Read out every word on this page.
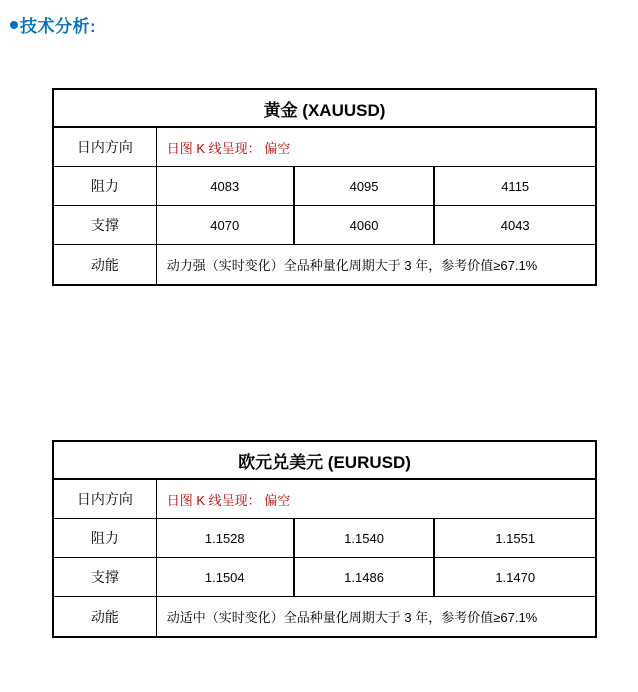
技术分析:
黄金 (XAUUSD)
日内方向	日图 K 线呈现： 偏空
阻力	4083	4095	4115
支撑	4070	4060	4043
动能	动力强（实时变化）全品种量化周期大于 3 年，参考价值≥67.1%
欧元兑美元 (EURUSD)
日内方向	日图 K 线呈现： 偏空
阻力	1.1528	1.1540	1.1551
支撑	1.1504	1.1486	1.1470
动能	动适中（实时变化）全品种量化周期大于 3 年，参考价值≥67.1%
